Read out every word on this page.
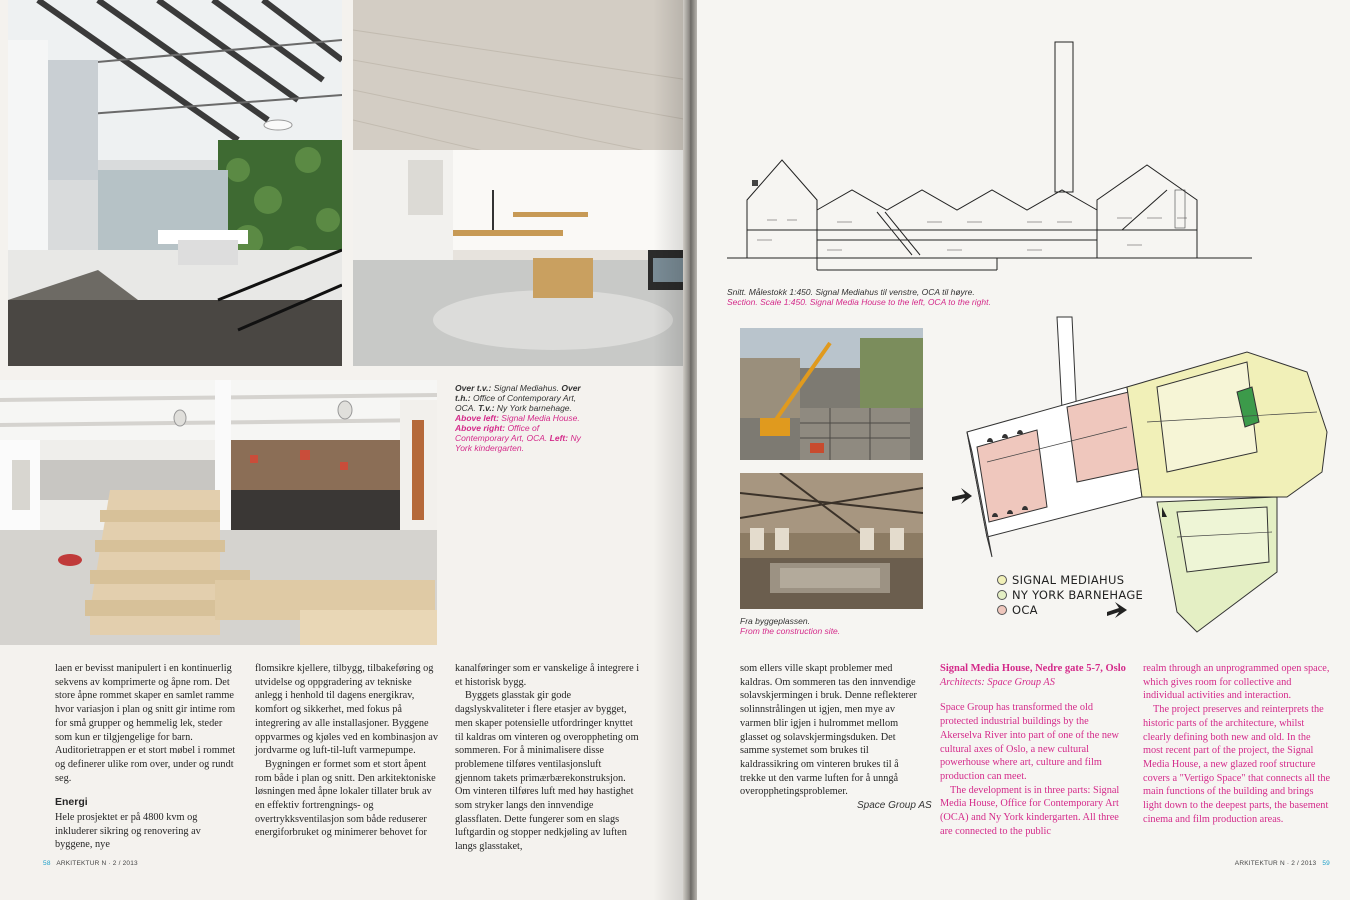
Over t.v.: Signal Mediahus. Over t.h.: Office of Contemporary Art, OCA. T.v.: Ny York barnehage.
Above left: Signal Media House. Above right: Office of Contemporary Art, OCA. Left: Ny York kindergarten.

laen er bevisst manipulert i en kontinuerlig sekvens av komprimerte og åpne rom. Det store åpne rommet skaper en samlet ramme hvor variasjon i plan og snitt gir intime rom for små grupper og hemmelig lek, steder som kun er tilgjengelige for barn. Auditorietrappen er et stort møbel i rommet og definerer ulike rom over, under og rundt seg.

Energi

Hele prosjektet er på 4800 kvm og inkluderer sikring og renovering av byggene, nye

flomsikre kjellere, tilbygg, tilbakeføring og utvidelse og oppgradering av tekniske anlegg i henhold til dagens energikrav, komfort og sikkerhet, med fokus på integrering av alle installasjoner. Byggene oppvarmes og kjøles ved en kombinasjon av jordvarme og luft-til-luft varmepumpe.

Bygningen er formet som et stort åpent rom både i plan og snitt. Den arkitektoniske løsningen med åpne lokaler tillater bruk av en effektiv fortrengnings- og overtrykksventilasjon som både reduserer energiforbruket og minimerer behovet for

kanalføringer som er vanskelige å integrere i et historisk bygg.

Byggets glasstak gir gode dagslyskvaliteter i flere etasjer av bygget, men skaper potensielle utfordringer knyttet til kaldras om vinteren og overoppheting om sommeren. For å minimalisere disse problemene tilføres ventilasjonsluft gjennom takets primærbærekonstruksjon. Om vinteren tilføres luft med høy hastighet som stryker langs den innvendige glassflaten. Dette fungerer som en slags luftgardin og stopper nedkjøling av luften langs glasstaket,

58 ARKITEKTUR N · 2 / 2013
Snitt. Målestokk 1:450. Signal Mediahus til venstre, OCA til høyre.
Section. Scale 1:450. Signal Media House to the left, OCA to the right.
Fra byggeplassen.
From the construction site.
SIGNAL MEDIAHUS
NY YORK BARNEHAGE
OCA

som ellers ville skapt problemer med kaldras. Om sommeren tas den innvendige solavskjermingen i bruk. Denne reflekterer solinnstrålingen ut igjen, men mye av varmen blir igjen i hulrommet mellom glasset og solavskjermingsduken. Det samme systemet som brukes til kaldrassikring om vinteren brukes til å trekke ut den varme luften for å unngå overopphetingsproblemer.

Space Group AS
Signal Media House, Nedre gate 5-7, Oslo
Architects: Space Group AS

Space Group has transformed the old protected industrial buildings by the Akerselva River into part of one of the new cultural axes of Oslo, a new cultural powerhouse where art, culture and film production can meet.

The development is in three parts: Signal Media House, Office for Contemporary Art (OCA) and Ny York kindergarten. All three are connected to the public

realm through an unprogrammed open space, which gives room for collective and individual activities and interaction.

The project preserves and reinterprets the historic parts of the architecture, whilst clearly defining both new and old. In the most recent part of the project, the Signal Media House, a new glazed roof structure covers a "Vertigo Space" that connects all the main functions of the building and brings light down to the deepest parts, the basement cinema and film production areas.

ARKITEKTUR N · 2 / 2013 59
